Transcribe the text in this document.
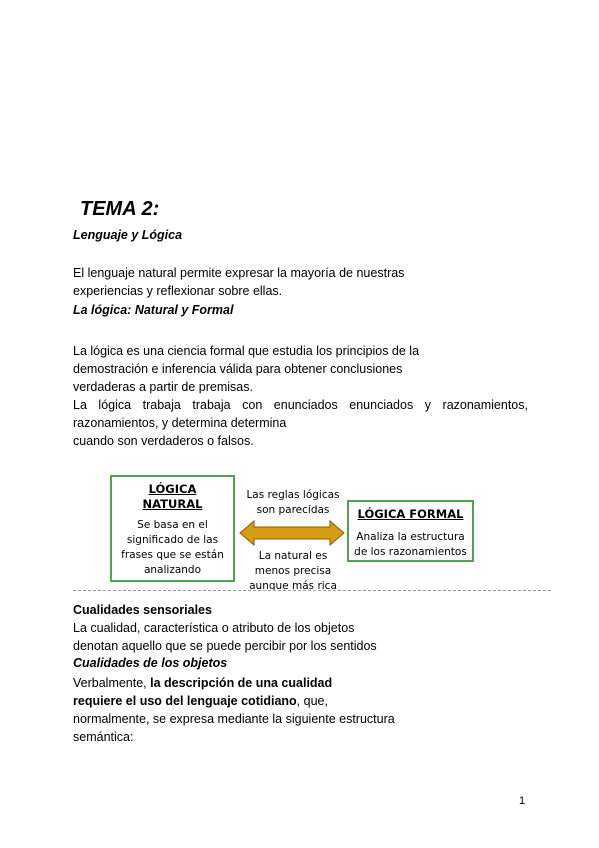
TEMA 2:
Lenguaje y Lógica
El lenguaje natural permite expresar la mayoría de nuestras
experiencias y reflexionar sobre ellas.
La lógica: Natural y Formal
La lógica es una ciencia formal que estudia los principios de la
demostración e inferencia válida para obtener conclusiones
verdaderas a partir de premisas.
La lógica trabaja trabaja con enunciados enunciados y razonamientos,
razonamientos, y determina determina
cuando son verdaderos o falsos.
LÓGICA
NATURAL
Se basa en el
significado de las
frases que se están
analizando
Las reglas lógicas
son parecidas
La natural es
menos precisa
aunque más rica
LÓGICA FORMAL
Analiza la estructura
de los razonamientos
Cualidades sensoriales
La cualidad, característica o atributo de los objetos
denotan aquello que se puede percibir por los sentidos
Cualidades de los objetos
Verbalmente, la descripción de una cualidad
requiere el uso del lenguaje cotidiano, que,
normalmente, se expresa mediante la siguiente estructura
semántica:
1
